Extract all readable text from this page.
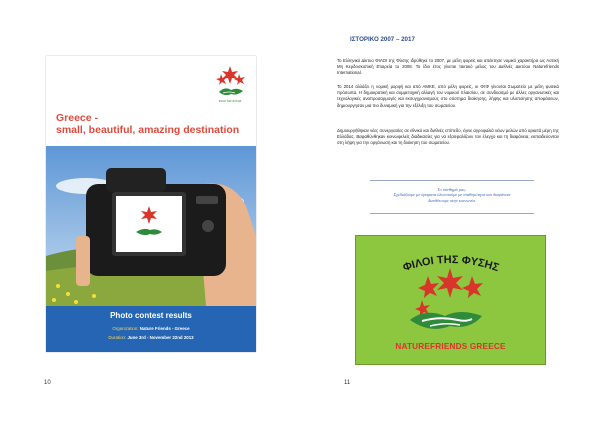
ΦΙΛΟΙ ΤΗΣ ΦΥΣΗΣ
Greece -
small, beautiful, amazing destination
Photo contest results
Organization: Nature Friends - Greece
Duration: June 3rd - November 22nd 2013
10
ΙΣΤΟΡΙΚΟ 2007 – 2017
Το Ελληνικό Δίκτυο ΦΙΛΟΙ της Φύσης ιδρύθηκε το 2007, με μέλη φορείς και απέκτησε νομικό χαρακτήρα ως Αστική Μη Κερδοσκοπική Εταιρεία το 2008. Το ίδιο έτος γίνεται τακτικό μέλος του Διεθνές Δικτύου Naturefriends International.
Το 2014 αλλάζει η νομική μορφή και από ΑΜΚΕ, από μέλη φορείς, οι ΦτΦ γίνονται Σωματείο με μέλη φυσικά πρόσωπα. Η δημοκρατική και συμμετοχική αλλαγή του νομικού πλαισίου, σε συνδυασμό με άλλες οργανωτικές και τεχνολογικές αναπροσαρμογές και εκσυγχρονισμούς στο σύστημα διοίκησης, λήψης και υλοποίησης αποφάσεων, δημιουργησαν μια πιο δυναμική για την εξέλιξη του σωματείου.
Δημιουργήθηκαν νέες συνεργασίες σε εθνικό και διεθνές επίπεδο, έγινε αγροφαλιά νέων μελών από αρκετά μέρη της Ελλάδας. Βαφαθύνθηκαν κοινωφελείς διαδικασίες για να εξασφαλίζουν τον έλεγχο και τη διαφάνεια, εκπαιδεύονταν στη λήψη για την οργάνωση και τη διοίκηση του σωματείου.
Το σύνθημά μας:
Σχεδιάζουμε με όραματα υλοποιούμε με σταθερότητα και διαφάνεια
διευθέτουμε στην κοινωνία.
ΦΙΛΟΙ ΤΗΣ ΦΥΣΗΣ
NATUREFRIENDS GREECE
11
